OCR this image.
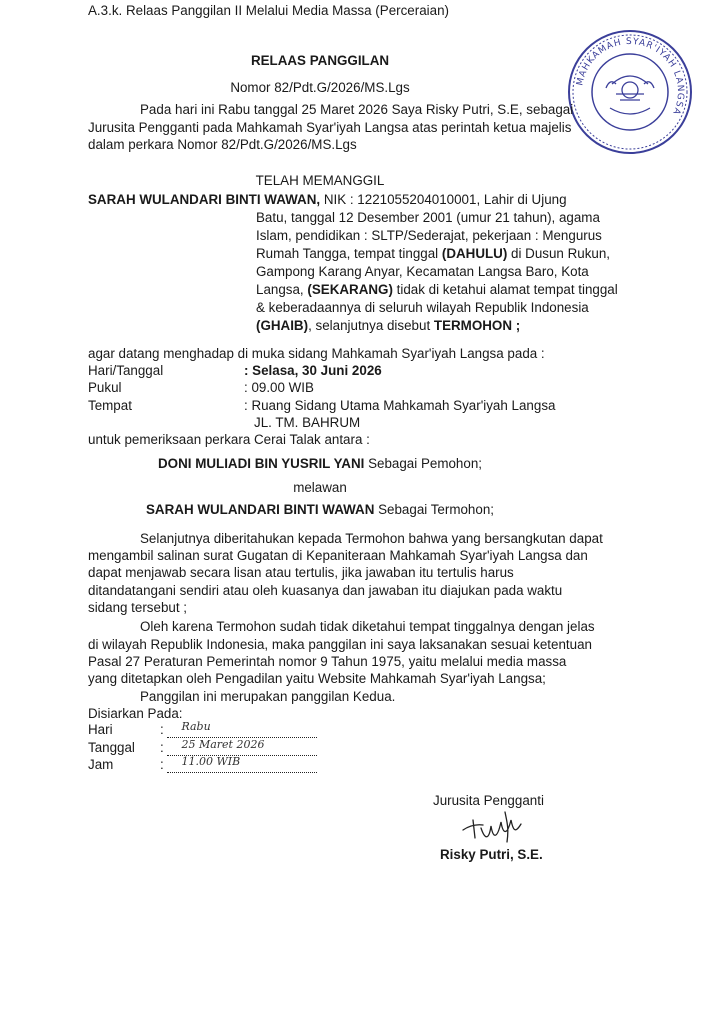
A.3.k. Relaas Panggilan II Melalui Media Massa (Perceraian)
MAHKAMAH SYAR'IYAH LANGSA
RELAAS PANGGILAN
Nomor 82/Pdt.G/2026/MS.Lgs
Pada hari ini Rabu tanggal 25 Maret 2026 Saya Risky Putri, S.E, sebagai
Jurusita Pengganti pada Mahkamah Syar'iyah Langsa atas perintah ketua majelis
dalam perkara Nomor 82/Pdt.G/2026/MS.Lgs
TELAH MEMANGGIL
SARAH WULANDARI BINTI WAWAN, NIK : 1221055204010001, Lahir di Ujung
Batu, tanggal 12 Desember 2001 (umur 21 tahun), agama
Islam, pendidikan : SLTP/Sederajat, pekerjaan : Mengurus
Rumah Tangga, tempat tinggal (DAHULU) di Dusun Rukun,
Gampong Karang Anyar, Kecamatan Langsa Baro, Kota
Langsa, (SEKARANG) tidak di ketahui alamat tempat tinggal
& keberadaannya di seluruh wilayah Republik Indonesia
(GHAIB), selanjutnya disebut TERMOHON ;
agar datang menghadap di muka sidang Mahkamah Syar'iyah Langsa pada :
Hari/Tanggal	: Selasa, 30 Juni 2026
Pukul	: 09.00 WIB
Tempat	: Ruang Sidang Utama Mahkamah Syar'iyah Langsa
JL. TM. BAHRUM
untuk pemeriksaan perkara Cerai Talak antara :
DONI MULIADI BIN YUSRIL YANI Sebagai Pemohon;
melawan
SARAH WULANDARI BINTI WAWAN Sebagai Termohon;
Selanjutnya diberitahukan kepada Termohon bahwa yang bersangkutan dapat
mengambil salinan surat Gugatan di Kepaniteraan Mahkamah Syar'iyah Langsa dan
dapat menjawab secara lisan atau tertulis, jika jawaban itu tertulis harus
ditandatangani sendiri atau oleh kuasanya dan jawaban itu diajukan pada waktu
sidang tersebut ;
Oleh karena Termohon sudah tidak diketahui tempat tinggalnya dengan jelas
di wilayah Republik Indonesia, maka panggilan ini saya laksanakan sesuai ketentuan
Pasal 27 Peraturan Pemerintah nomor 9 Tahun 1975, yaitu melalui media massa
yang ditetapkan oleh Pengadilan yaitu Website Mahkamah Syar'iyah Langsa;
Panggilan ini merupakan panggilan Kedua.
Disiarkan Pada:
Hari	: Rabu
Tanggal : 25 Maret 2026
Jam	: 11.00 WIB
Jurusita Pengganti
Risky Putri, S.E.
